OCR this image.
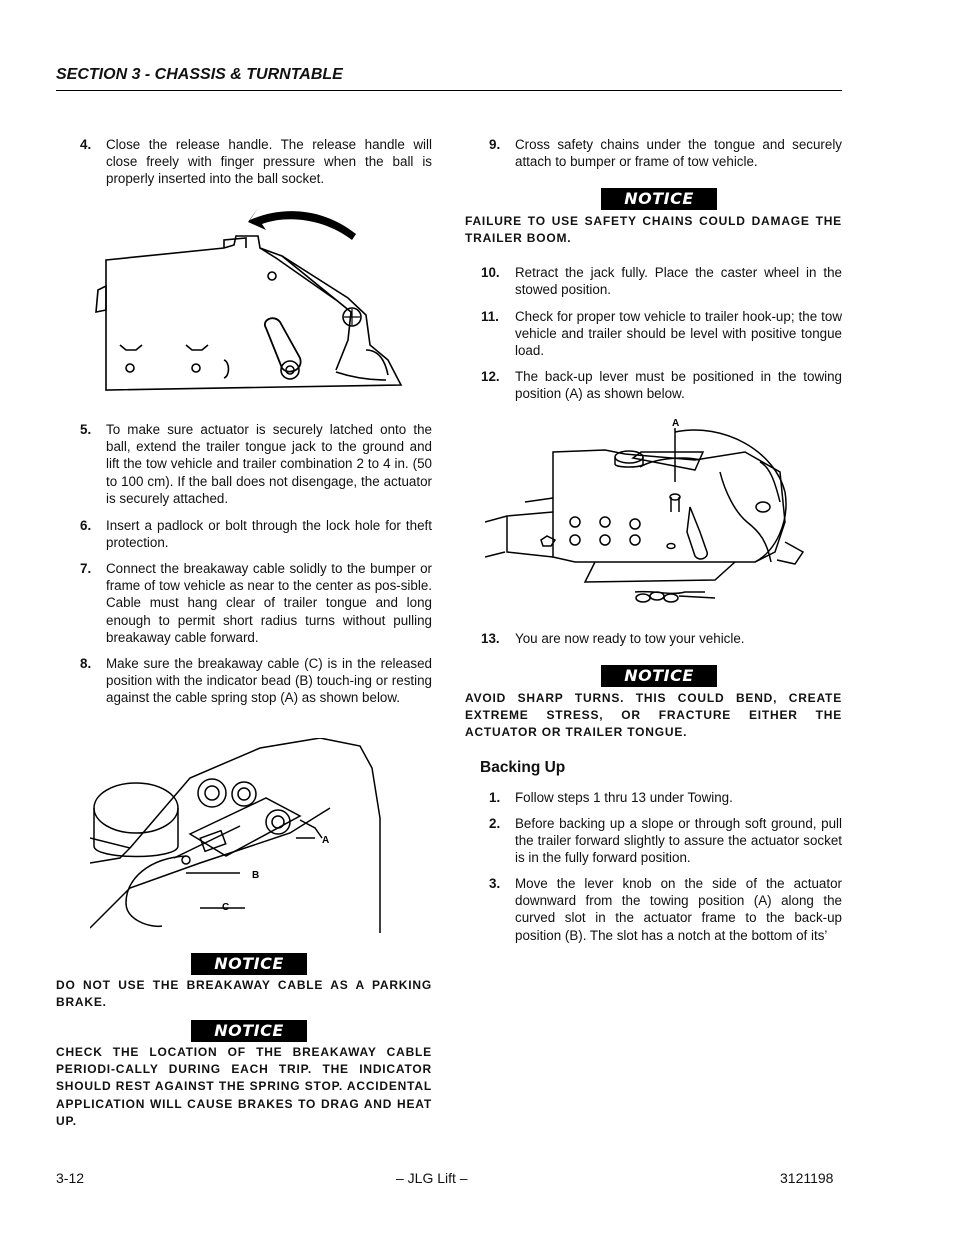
SECTION 3 - CHASSIS & TURNTABLE
4. Close the release handle. The release handle will close freely with finger pressure when the ball is properly inserted into the ball socket.
5. To make sure actuator is securely latched onto the ball, extend the trailer tongue jack to the ground and lift the tow vehicle and trailer combination 2 to 4 in. (50 to 100 cm). If the ball does not disengage, the actuator is securely attached.
6. Insert a padlock or bolt through the lock hole for theft protection.
7. Connect the breakaway cable solidly to the bumper or frame of tow vehicle as near to the center as pos-sible. Cable must hang clear of trailer tongue and long enough to permit short radius turns without pulling breakaway cable forward.
8. Make sure the breakaway cable (C) is in the released position with the indicator bead (B) touch-ing or resting against the cable spring stop (A) as shown below.
A
B
C
NOTICE
DO NOT USE THE BREAKAWAY CABLE AS A PARKING BRAKE.
NOTICE
CHECK THE LOCATION OF THE BREAKAWAY CABLE PERIODI-CALLY DURING EACH TRIP. THE INDICATOR SHOULD REST AGAINST THE SPRING STOP. ACCIDENTAL APPLICATION WILL CAUSE BRAKES TO DRAG AND HEAT UP.
9. Cross safety chains under the tongue and securely attach to bumper or frame of tow vehicle.
NOTICE
FAILURE TO USE SAFETY CHAINS COULD DAMAGE THE TRAILER BOOM.
10. Retract the jack fully. Place the caster wheel in the stowed position.
11. Check for proper tow vehicle to trailer hook-up; the tow vehicle and trailer should be level with positive tongue load.
12. The back-up lever must be positioned in the towing position (A) as shown below.
A
13. You are now ready to tow your vehicle.
NOTICE
AVOID SHARP TURNS. THIS COULD BEND, CREATE EXTREME STRESS, OR FRACTURE EITHER THE ACTUATOR OR TRAILER TONGUE.
Backing Up
1. Follow steps 1 thru 13 under Towing.
2. Before backing up a slope or through soft ground, pull the trailer forward slightly to assure the actuator socket is in the fully forward position.
3. Move the lever knob on the side of the actuator downward from the towing position (A) along the curved slot in the actuator frame to the back-up position (B). The slot has a notch at the bottom of its’
3-12	– JLG Lift –	3121198
